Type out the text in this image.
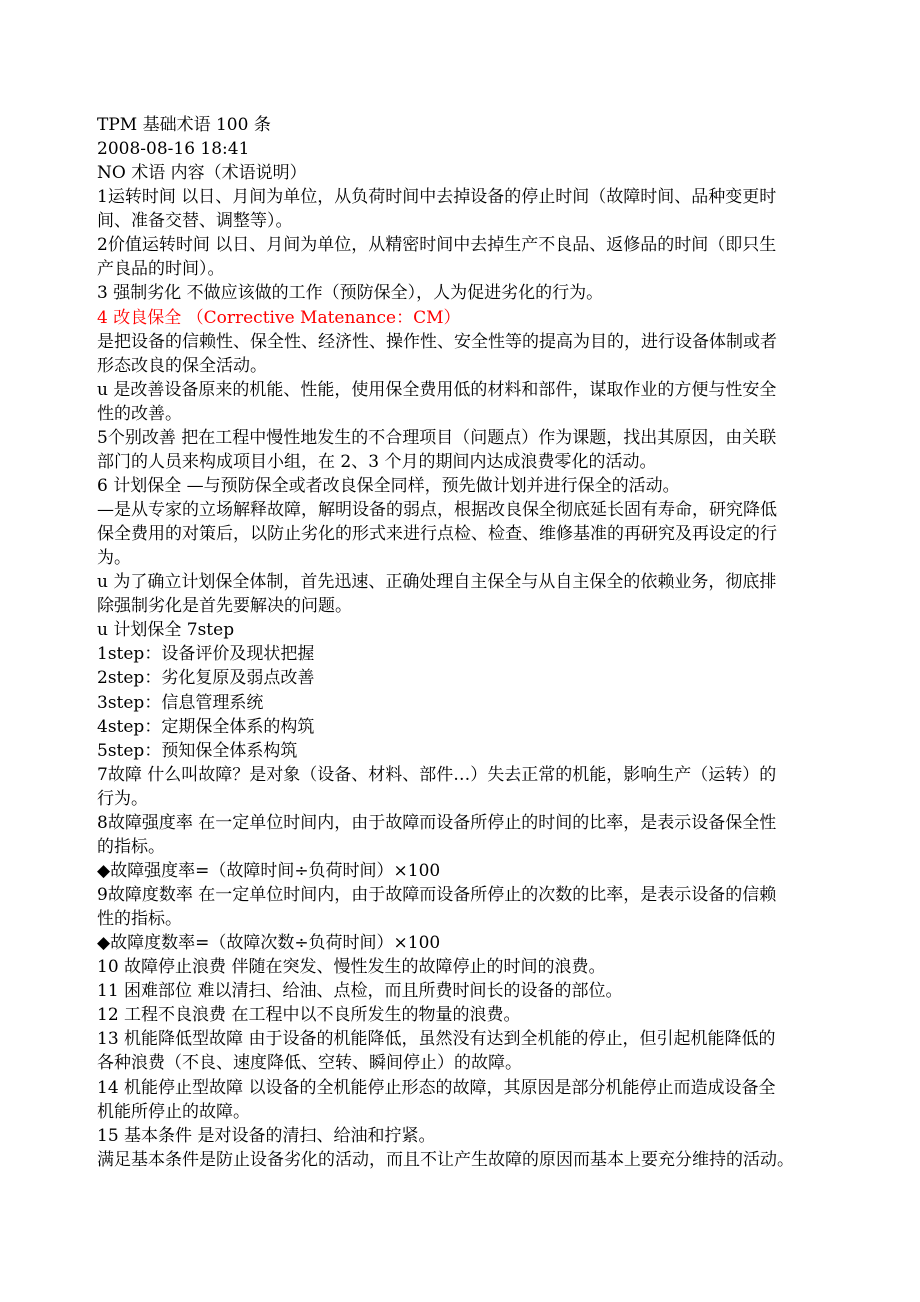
TPM 基础术语 100 条
2008-08-16 18:41
NO 术语 内容（术语说明）
1运转时间 以日、月间为单位，从负荷时间中去掉设备的停止时间（故障时间、品种变更时
间、准备交替、调整等）。
2价值运转时间 以日、月间为单位，从精密时间中去掉生产不良品、返修品的时间（即只生
产良品的时间）。
3 强制劣化 不做应该做的工作（预防保全），人为促进劣化的行为。
4 改良保全 （Corrective Matenance：CM）
是把设备的信赖性、保全性、经济性、操作性、安全性等的提高为目的，进行设备体制或者
形态改良的保全活动。
u 是改善设备原来的机能、性能，使用保全费用低的材料和部件，谋取作业的方便与性安全
性的改善。
5个别改善 把在工程中慢性地发生的不合理项目（问题点）作为课题，找出其原因，由关联
部门的人员来构成项目小组，在 2、3 个月的期间内达成浪费零化的活动。
6 计划保全 —与预防保全或者改良保全同样，预先做计划并进行保全的活动。
—是从专家的立场解释故障，解明设备的弱点，根据改良保全彻底延长固有寿命，研究降低
保全费用的对策后，以防止劣化的形式来进行点检、检查、维修基准的再研究及再设定的行
为。
u 为了确立计划保全体制，首先迅速、正确处理自主保全与从自主保全的依赖业务，彻底排
除强制劣化是首先要解决的问题。
u 计划保全 7step
1step：设备评价及现状把握
2step：劣化复原及弱点改善
3step：信息管理系统
4step：定期保全体系的构筑
5step：预知保全体系构筑
7故障 什么叫故障？是对象（设备、材料、部件…）失去正常的机能，影响生产（运转）的
行为。
8故障强度率 在一定单位时间内，由于故障而设备所停止的时间的比率，是表示设备保全性
的指标。
◆故障强度率=（故障时间÷负荷时间）×100
9故障度数率 在一定单位时间内，由于故障而设备所停止的次数的比率，是表示设备的信赖
性的指标。
◆故障度数率=（故障次数÷负荷时间）×100
10 故障停止浪费 伴随在突发、慢性发生的故障停止的时间的浪费。
11 困难部位 难以清扫、给油、点检，而且所费时间长的设备的部位。
12 工程不良浪费 在工程中以不良所发生的物量的浪费。
13 机能降低型故障 由于设备的机能降低，虽然没有达到全机能的停止，但引起机能降低的
各种浪费（不良、速度降低、空转、瞬间停止）的故障。
14 机能停止型故障 以设备的全机能停止形态的故障，其原因是部分机能停止而造成设备全
机能所停止的故障。
15 基本条件 是对设备的清扫、给油和拧紧。
满足基本条件是防止设备劣化的活动，而且不让产生故障的原因而基本上要充分维持的活动。
